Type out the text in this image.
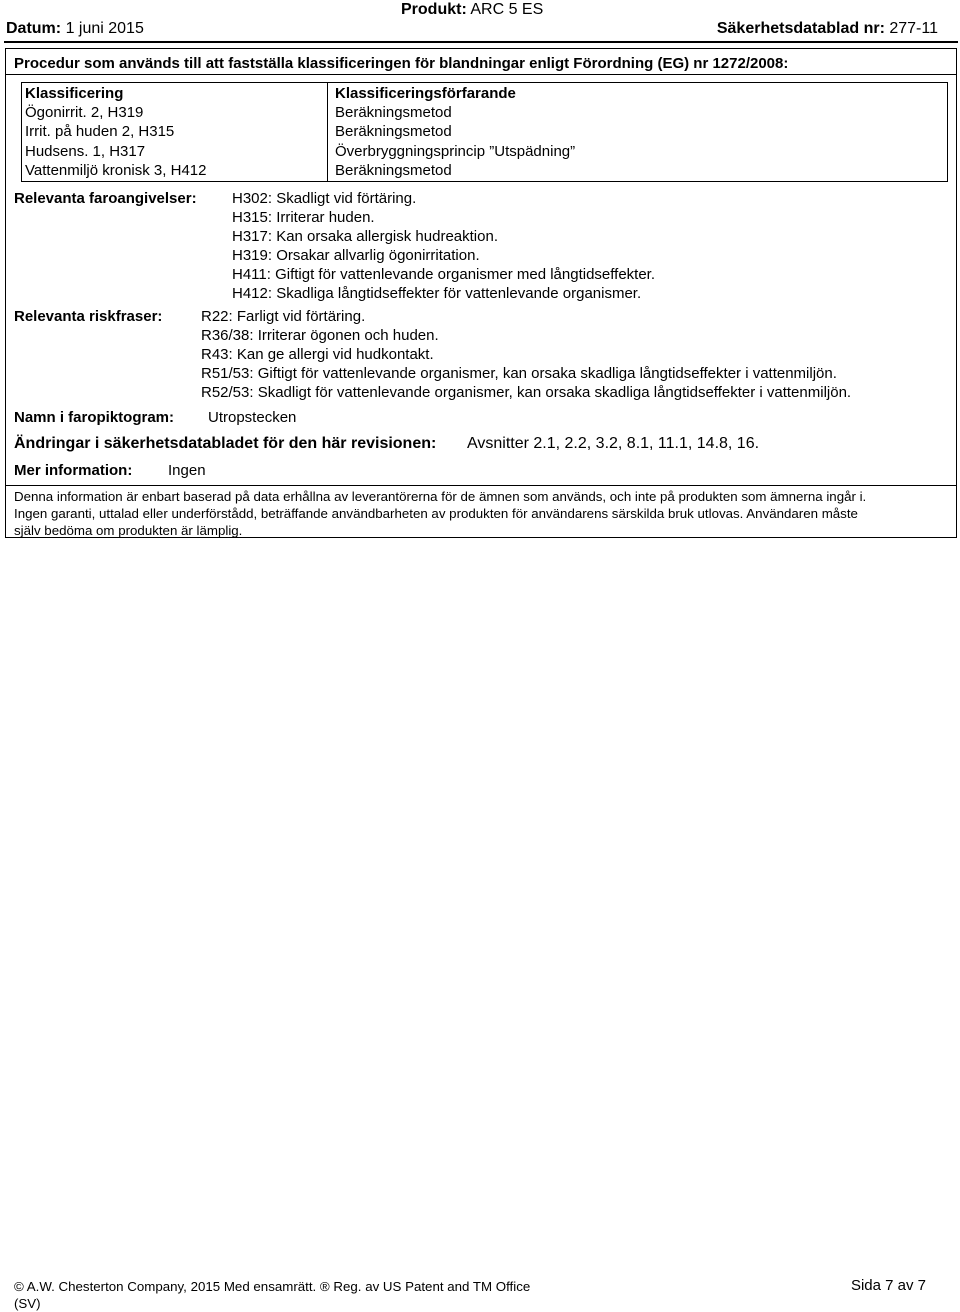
Datum: 1 juni 2015
Produkt: ARC 5 ES
Säkerhetsdatablad nr: 277-11
Procedur som används till att fastställa klassificeringen för blandningar enligt Förordning (EG) nr 1272/2008:
Klassificering	Klassificeringsförfarande
Ögonirrit. 2, H319	Beräkningsmetod
Irrit. på huden 2, H315	Beräkningsmetod
Hudsens. 1, H317	Överbryggningsprincip ”Utspädning”
Vattenmiljö kronisk 3, H412	Beräkningsmetod
Relevanta faroangivelser: H302: Skadligt vid förtäring.
H315: Irriterar huden.
H317: Kan orsaka allergisk hudreaktion.
H319: Orsakar allvarlig ögonirritation.
H411: Giftigt för vattenlevande organismer med långtidseffekter.
H412: Skadliga långtidseffekter för vattenlevande organismer.
Relevanta riskfraser:	R22: Farligt vid förtäring.
R36/38: Irriterar ögonen och huden.
R43: Kan ge allergi vid hudkontakt.
R51/53: Giftigt för vattenlevande organismer, kan orsaka skadliga långtidseffekter i vattenmiljön.
R52/53: Skadligt för vattenlevande organismer, kan orsaka skadliga långtidseffekter i vattenmiljön.
Namn i faropiktogram: Utropstecken
Ändringar i säkerhetsdatabladet för den här revisionen: Avsnitter 2.1, 2.2, 3.2, 8.1, 11.1, 14.8, 16.
Mer information: Ingen
Denna information är enbart baserad på data erhållna av leverantörerna för de ämnen som används, och inte på produkten som ämnerna ingår i.
Ingen garanti, uttalad eller underförstådd, beträffande användbarheten av produkten för användarens särskilda bruk utlovas. Användaren måste
själv bedöma om produkten är lämplig.
© A.W. Chesterton Company, 2015 Med ensamrätt. ® Reg. av US Patent and TM Office
(SV)
Sida 7 av 7
